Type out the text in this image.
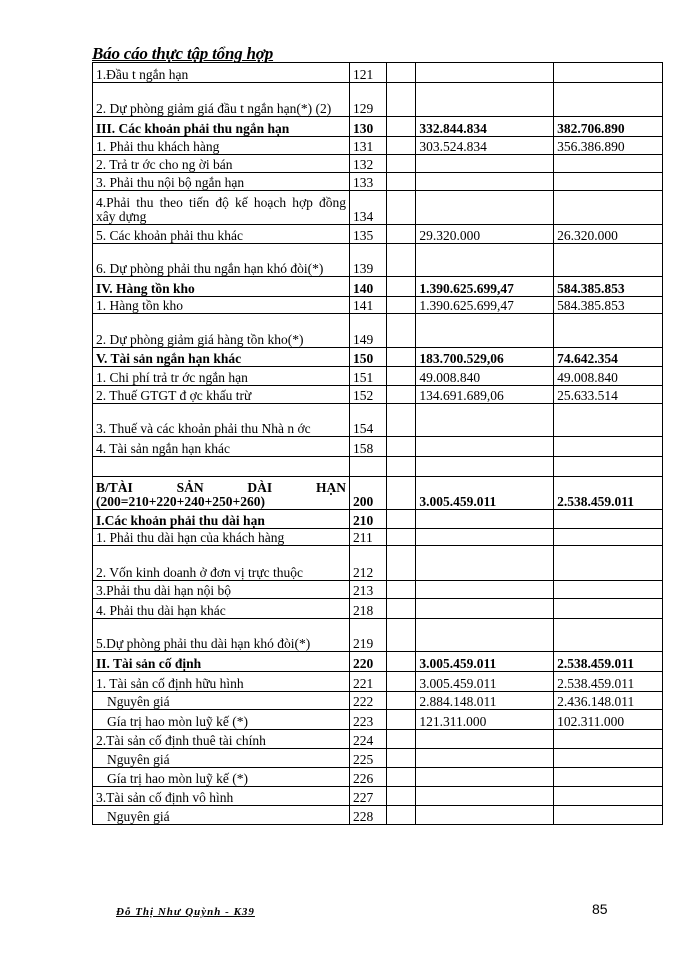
Báo cáo thực tập tổng hợp
1.Đầu t ngắn hạn	121			
2. Dự phòng giảm giá đầu t ngắn hạn(*) (2)	129			
III. Các khoản phải thu ngắn hạn	130		332.844.834	382.706.890
1. Phải thu khách hàng	131		303.524.834	356.386.890
2. Trả tr ớc cho ng ời bán	132			
3. Phải thu nội bộ ngắn hạn	133			
4.Phải thu theo tiến độ kế hoạch hợp đồng xây dựng	134			
5. Các khoản phải thu khác	135		29.320.000	26.320.000
6. Dự phòng phải thu ngắn hạn khó đòi(*)	139			
IV. Hàng tồn kho	140		1.390.625.699,47	584.385.853
1. Hàng tồn kho	141		1.390.625.699,47	584.385.853
2. Dự phòng giảm giá hàng tồn kho(*)	149			
V. Tài sản ngắn hạn khác	150		183.700.529,06	74.642.354
1. Chi phí trả tr ớc ngắn hạn	151		49.008.840	49.008.840
2. Thuế GTGT đ ợc khấu trừ	152		134.691.689,06	25.633.514
3. Thuế và các khoản phải thu Nhà n ớc	154			
4. Tài sản ngắn hạn khác	158			

B/TÀI SẢN DÀI HẠN (200=210+220+240+250+260)	200		3.005.459.011	2.538.459.011
I.Các khoản phải thu dài hạn	210			
1. Phải thu dài hạn của khách hàng	211			
2. Vốn kinh doanh ở đơn vị trực thuộc	212			
3.Phải thu dài hạn nội bộ	213			
4. Phải thu dài hạn khác	218			
5.Dự phòng phải thu dài hạn khó đòi(*)	219			
II. Tài sản cố định	220		3.005.459.011	2.538.459.011
1. Tài sản cố định hữu hình	221		3.005.459.011	2.538.459.011
Nguyên giá	222		2.884.148.011	2.436.148.011
Gía trị hao mòn luỹ kế (*)	223		121.311.000	102.311.000
2.Tài sản cố định thuê tài chính	224			
Nguyên giá	225			
Gía trị hao mòn luỹ kế (*)	226			
3.Tài sản cố định vô hình	227			
Nguyên giá	228			
Đỗ Thị Như Quỳnh - K39	85
